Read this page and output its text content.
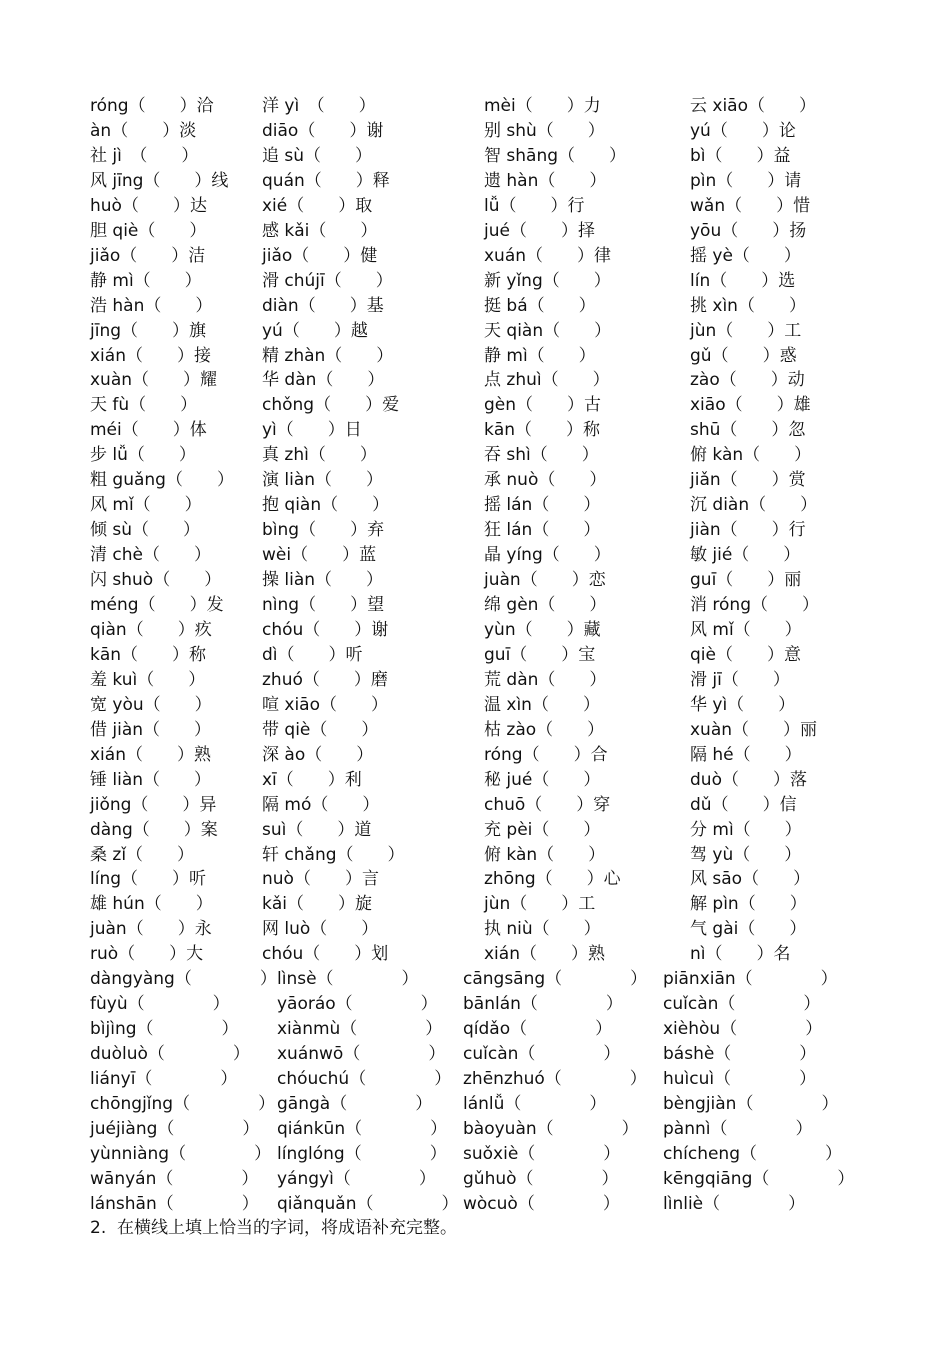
róng（　　）洽	洋 yì　（　　）	mèi（　　）力	云 xiāo（　　）
àn（　　）淡	diāo（　　）谢	别 shù（　　）	yú（　　）论
社 jì　（　　）	追 sù（　　）	智 shāng（　　）	bì（　　）益
风 jīng（　　）线 quán（　　）释	遗 hàn（　　）	pìn（　　）请
huò（　　）达	xié（　　）取	lǚ（　　）行	wǎn（　　）惜
胆 qiè（　　）	感 kǎi（　　）	jué（　　）择	yōu（　　）扬
jiǎo（　　）洁	jiǎo（　　）健	xuán（　　）律	摇 yè（　　）
静 mì（　　）	滑 chújī（　　）	新 yǐng（　　）	lín（　　）选
浩 hàn（　　）	diàn（　　）基	挺 bá（　　）	挑 xìn（　　）
jīng（　　）旗	yú（　　）越	天 qiàn（　　）	jùn（　　）工
xián（　　）接	精 zhàn（　　）	静 mì（　　）	gǔ（　　）惑
xuàn（　　）耀	华 dàn（　　）	点 zhuì（　　）	zào（　　）动
天 fù（　　）	chǒng（　　）爱	gèn（　　）古	xiāo（　　）雄
méi（　　）体	yì（　　）日	kān（　　）称	shū（　　）忽
步 lǚ（　　）	真 zhì（　　）	吞 shì（　　）	俯 kàn（　　）
粗 guǎng（　　） 演 liàn（　　）	承 nuò（　　）	jiǎn（　　）赏
风 mǐ（　　）	抱 qiàn（　　）	摇 lán（　　）	沉 diàn（　　）
倾 sù（　　）	bìng（　　）弃	狂 lán（　　）	jiàn（　　）行
清 chè（　　）	wèi（　　）蓝	晶 yíng（　　）	敏 jié（　　）
闪 shuò（　　） 操 liàn（　　）	juàn（　　）恋	guī（　　）丽
méng（　　）发 nìng（　　）望	绵 gèn（　　）	消 róng（　　）
qiàn（　　）疚	chóu（　　）谢	yùn（　　）藏	风 mǐ（　　）
kān（　　）称	dì（　　）听	guī（　　）宝	qiè（　　）意
羞 kuì（　　）	zhuó（　　）磨	荒 dàn（　　）	滑 jī（　　）
宽 yòu（　　）	喧 xiāo（　　）	温 xìn（　　）	华 yì（　　）
借 jiàn（　　）	带 qiè（　　）	枯 zào（　　）	xuàn（　　）丽
xián（　　）熟	深 ào（　　）	róng（　　）合	隔 hé（　　）
锤 liàn（　　）	xī（　　）利	秘 jué（　　）	duò（　　）落
jiǒng（　　）异	隔 mó（　　）	chuō（　　）穿	dǔ（　　）信
dàng（　　）案	suì（　　）道	充 pèi（　　）	分 mì（　　）
桑 zǐ（　　）	轩 chǎng（　　）	俯 kàn（　　）	驾 yù（　　）
líng（　　）听	nuò（　　）言	zhōng（　　）心	风 sāo（　　）
雄 hún（　　）	kǎi（　　）旋	jùn（　　）工	解 pìn（　　）
juàn（　　）永	网 luò（　　）	执 niù（　　）	气 gài（　　）
ruò（　　）大	chóu（　　）划	xián（　　）熟	nì（　　）名
dàngyàng（　　　　） lìnsè（　　　　）	cāngsāng（　　　　） piānxiān（　　　　）
fùyù（　　　　）	yāoráo（　　　　） bānlán（　　　　） cuǐcàn（　　　　）
bìjìng（　　　　） xiànmù（　　　　） qídǎo（　　　　）	xièhòu（　　　　）
duòluò（　　　　） xuánwō（　　　　） cuǐcàn（　　　　）	báshè（　　　　）
liányī（　　　　） chóuchú（　　　　） zhēnzhuó（　　　　） huìcuì（　　　　）
chōngjǐng（　　　　） gāngà（　　　　） lánlǚ（　　　　）	bèngjiàn（　　　　）
juéjiàng（　　　　） qiánkūn（　　　　） bàoyuàn（　　　　） pànnì（　　　　）
yùnniàng（　　　　） línglóng（　　　　） suǒxiè（　　　　）	chícheng（　　　　）
wānyán（　　　　） yángyì（　　　　） gǔhuò（　　　　）	kēngqiāng（　　　　）
lánshān（　　　　） qiǎnquǎn（　　　　） wòcuò（　　　　）	lìnliè（　　　　）
2.  在横线上填上恰当的字词，将成语补充完整。
